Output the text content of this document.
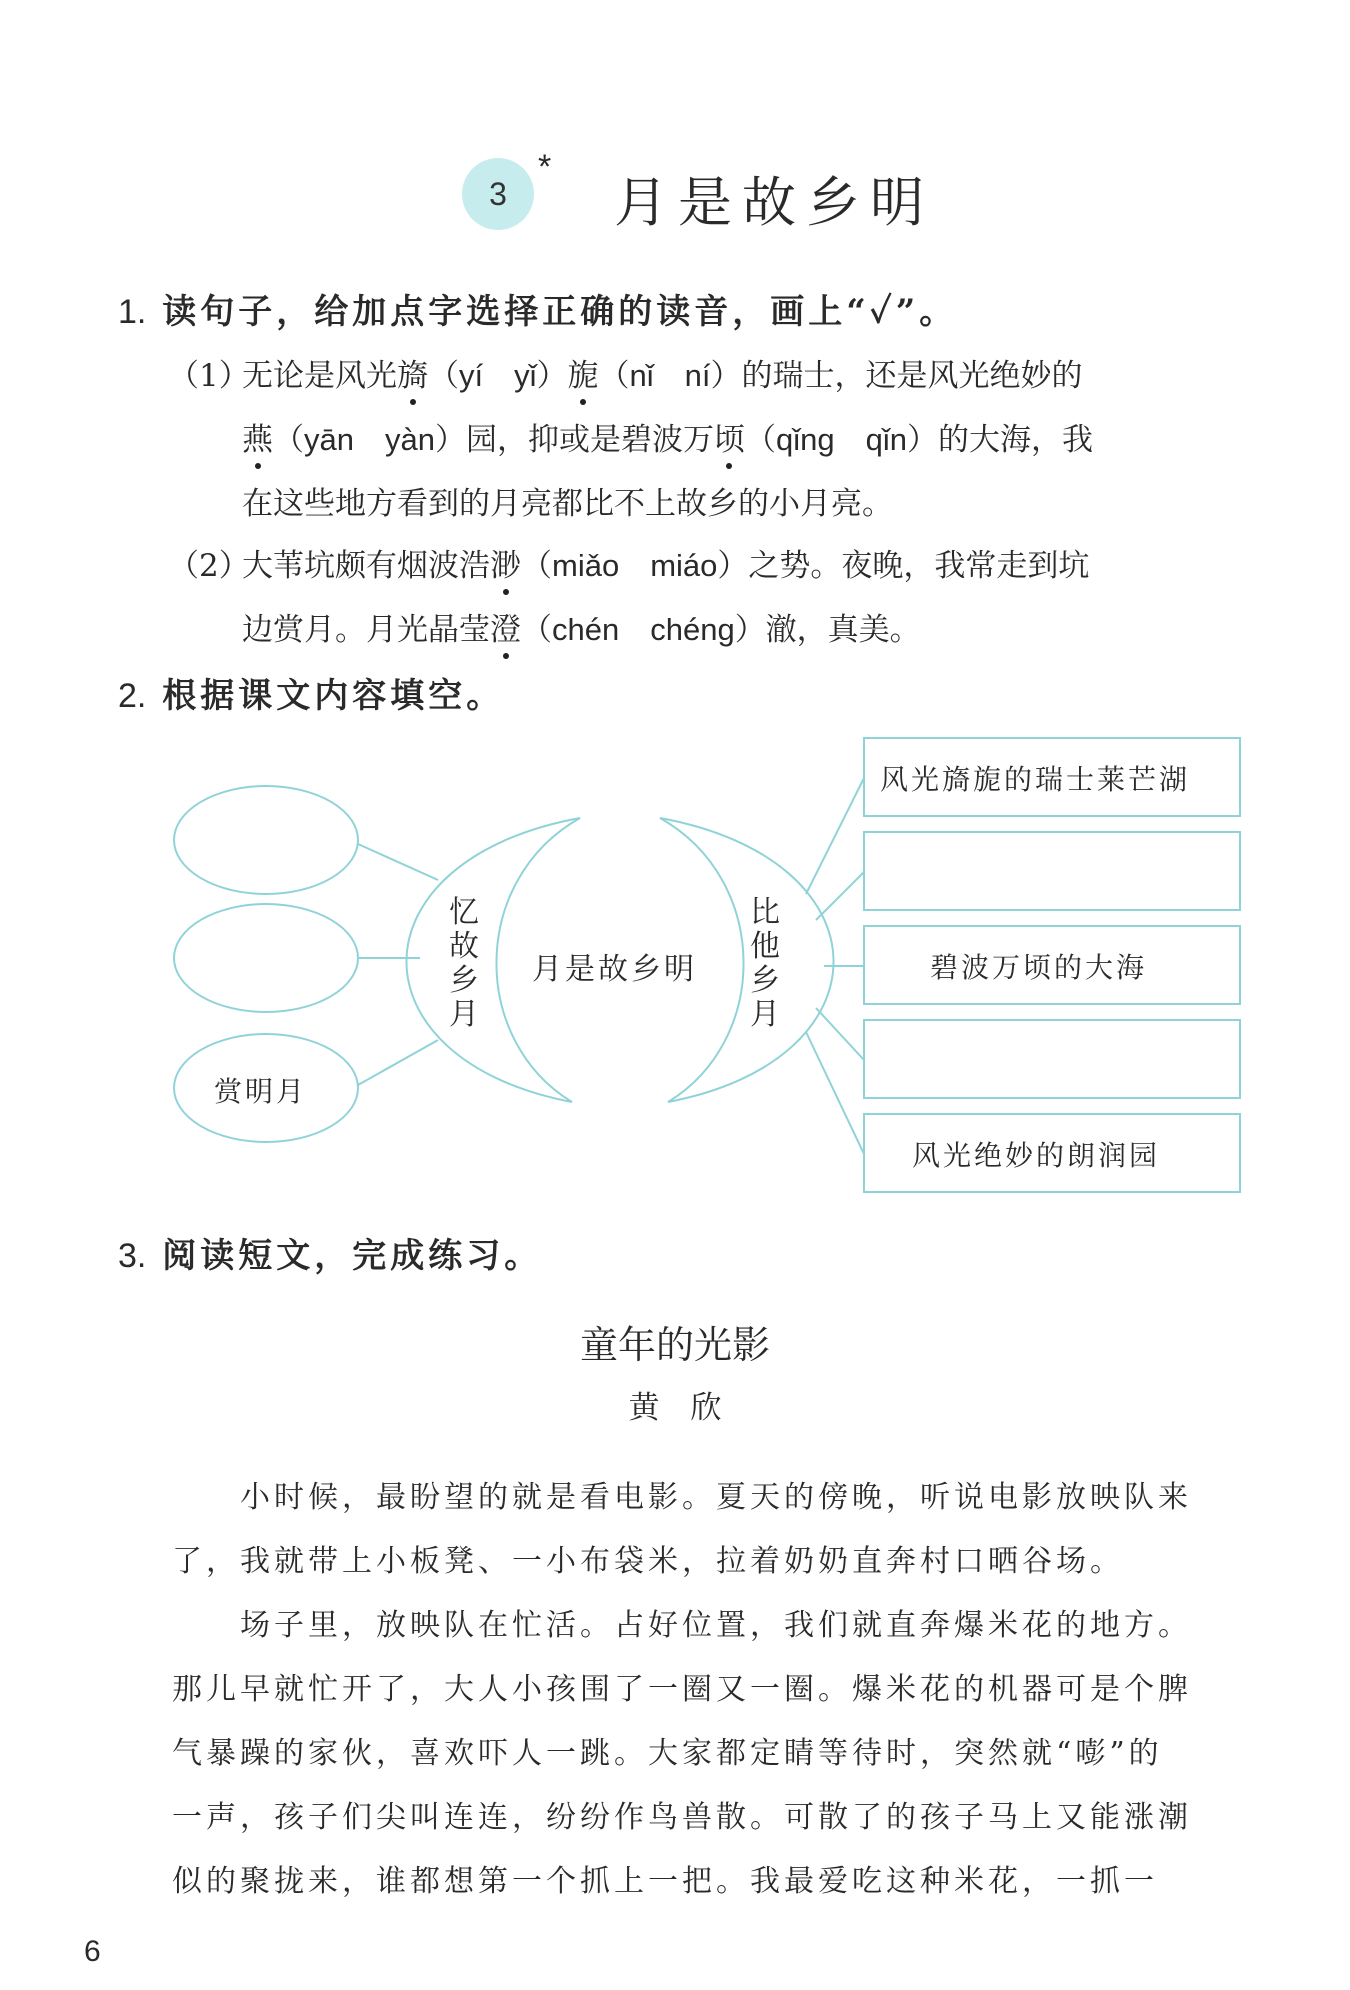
3
*
月是故乡明
1. 读句子，给加点字选择正确的读音，画上“✓”。
（1）
无论是风光旖（yí　yǐ）旎（nǐ　ní）的瑞士，还是风光绝妙的
燕（yān　yàn）园，抑或是碧波万顷（qǐng　qǐn）的大海，我
在这些地方看到的月亮都比不上故乡的小月亮。
（2）
大苇坑颇有烟波浩渺（miǎo　miáo）之势。夜晚，我常走到坑
边赏月。月光晶莹澄（chén　chéng）澈，真美。
2. 根据课文内容填空。
忆故乡月
月是故乡明
比他乡月
赏明月
风光旖旎的瑞士莱芒湖
碧波万顷的大海
风光绝妙的朗润园
3. 阅读短文，完成练习。
童年的光影
黄　欣
　　小时候，最盼望的就是看电影。夏天的傍晚，听说电影放映队来
了，我就带上小板凳、一小布袋米，拉着奶奶直奔村口晒谷场。
　　场子里，放映队在忙活。占好位置，我们就直奔爆米花的地方。
那儿早就忙开了，大人小孩围了一圈又一圈。爆米花的机器可是个脾
气暴躁的家伙，喜欢吓人一跳。大家都定睛等待时，突然就“嘭”的
一声，孩子们尖叫连连，纷纷作鸟兽散。可散了的孩子马上又能涨潮
似的聚拢来，谁都想第一个抓上一把。我最爱吃这种米花，一抓一
6
